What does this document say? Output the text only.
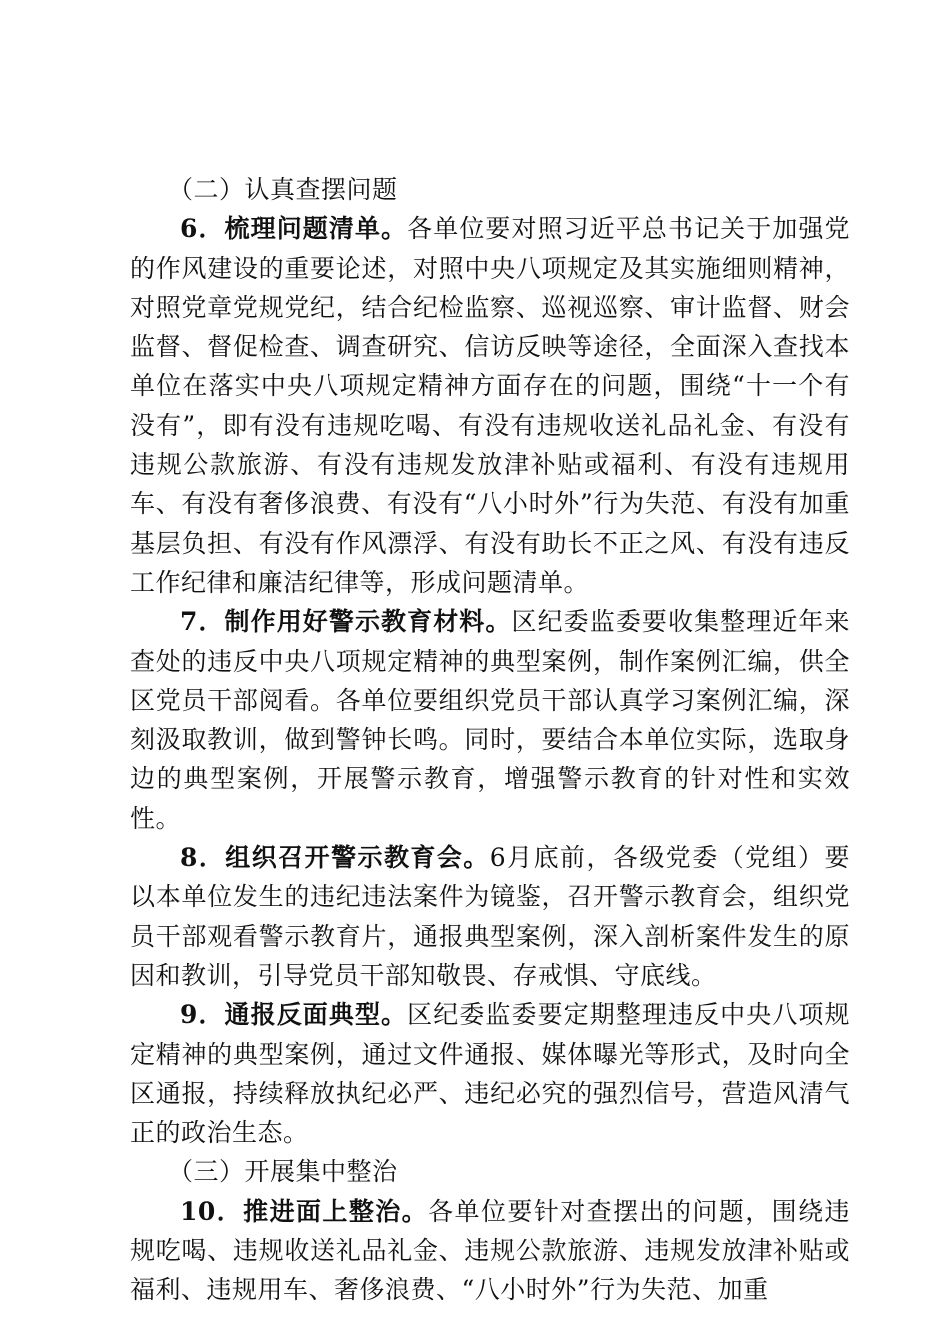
（二）认真查摆问题

6．梳理问题清单。各单位要对照习近平总书记关于加强党的作风建设的重要论述，对照中央八项规定及其实施细则精神，对照党章党规党纪，结合纪检监察、巡视巡察、审计监督、财会监督、督促检查、调查研究、信访反映等途径，全面深入查找本单位在落实中央八项规定精神方面存在的问题，围绕“十一个有没有”，即有没有违规吃喝、有没有违规收送礼品礼金、有没有违规公款旅游、有没有违规发放津补贴或福利、有没有违规用车、有没有奢侈浪费、有没有“八小时外”行为失范、有没有加重基层负担、有没有作风漂浮、有没有助长不正之风、有没有违反工作纪律和廉洁纪律等，形成问题清单。

7．制作用好警示教育材料。区纪委监委要收集整理近年来查处的违反中央八项规定精神的典型案例，制作案例汇编，供全区党员干部阅看。各单位要组织党员干部认真学习案例汇编，深刻汲取教训，做到警钟长鸣。同时，要结合本单位实际，选取身边的典型案例，开展警示教育，增强警示教育的针对性和实效性。

8．组织召开警示教育会。6月底前，各级党委（党组）要以本单位发生的违纪违法案件为镜鉴，召开警示教育会，组织党员干部观看警示教育片，通报典型案例，深入剖析案件发生的原因和教训，引导党员干部知敬畏、存戒惧、守底线。

9．通报反面典型。区纪委监委要定期整理违反中央八项规定精神的典型案例，通过文件通报、媒体曝光等形式，及时向全区通报，持续释放执纪必严、违纪必究的强烈信号，营造风清气正的政治生态。

（三）开展集中整治

10．推进面上整治。各单位要针对查摆出的问题，围绕违规吃喝、违规收送礼品礼金、违规公款旅游、违规发放津补贴或福利、违规用车、奢侈浪费、“八小时外”行为失范、加重
